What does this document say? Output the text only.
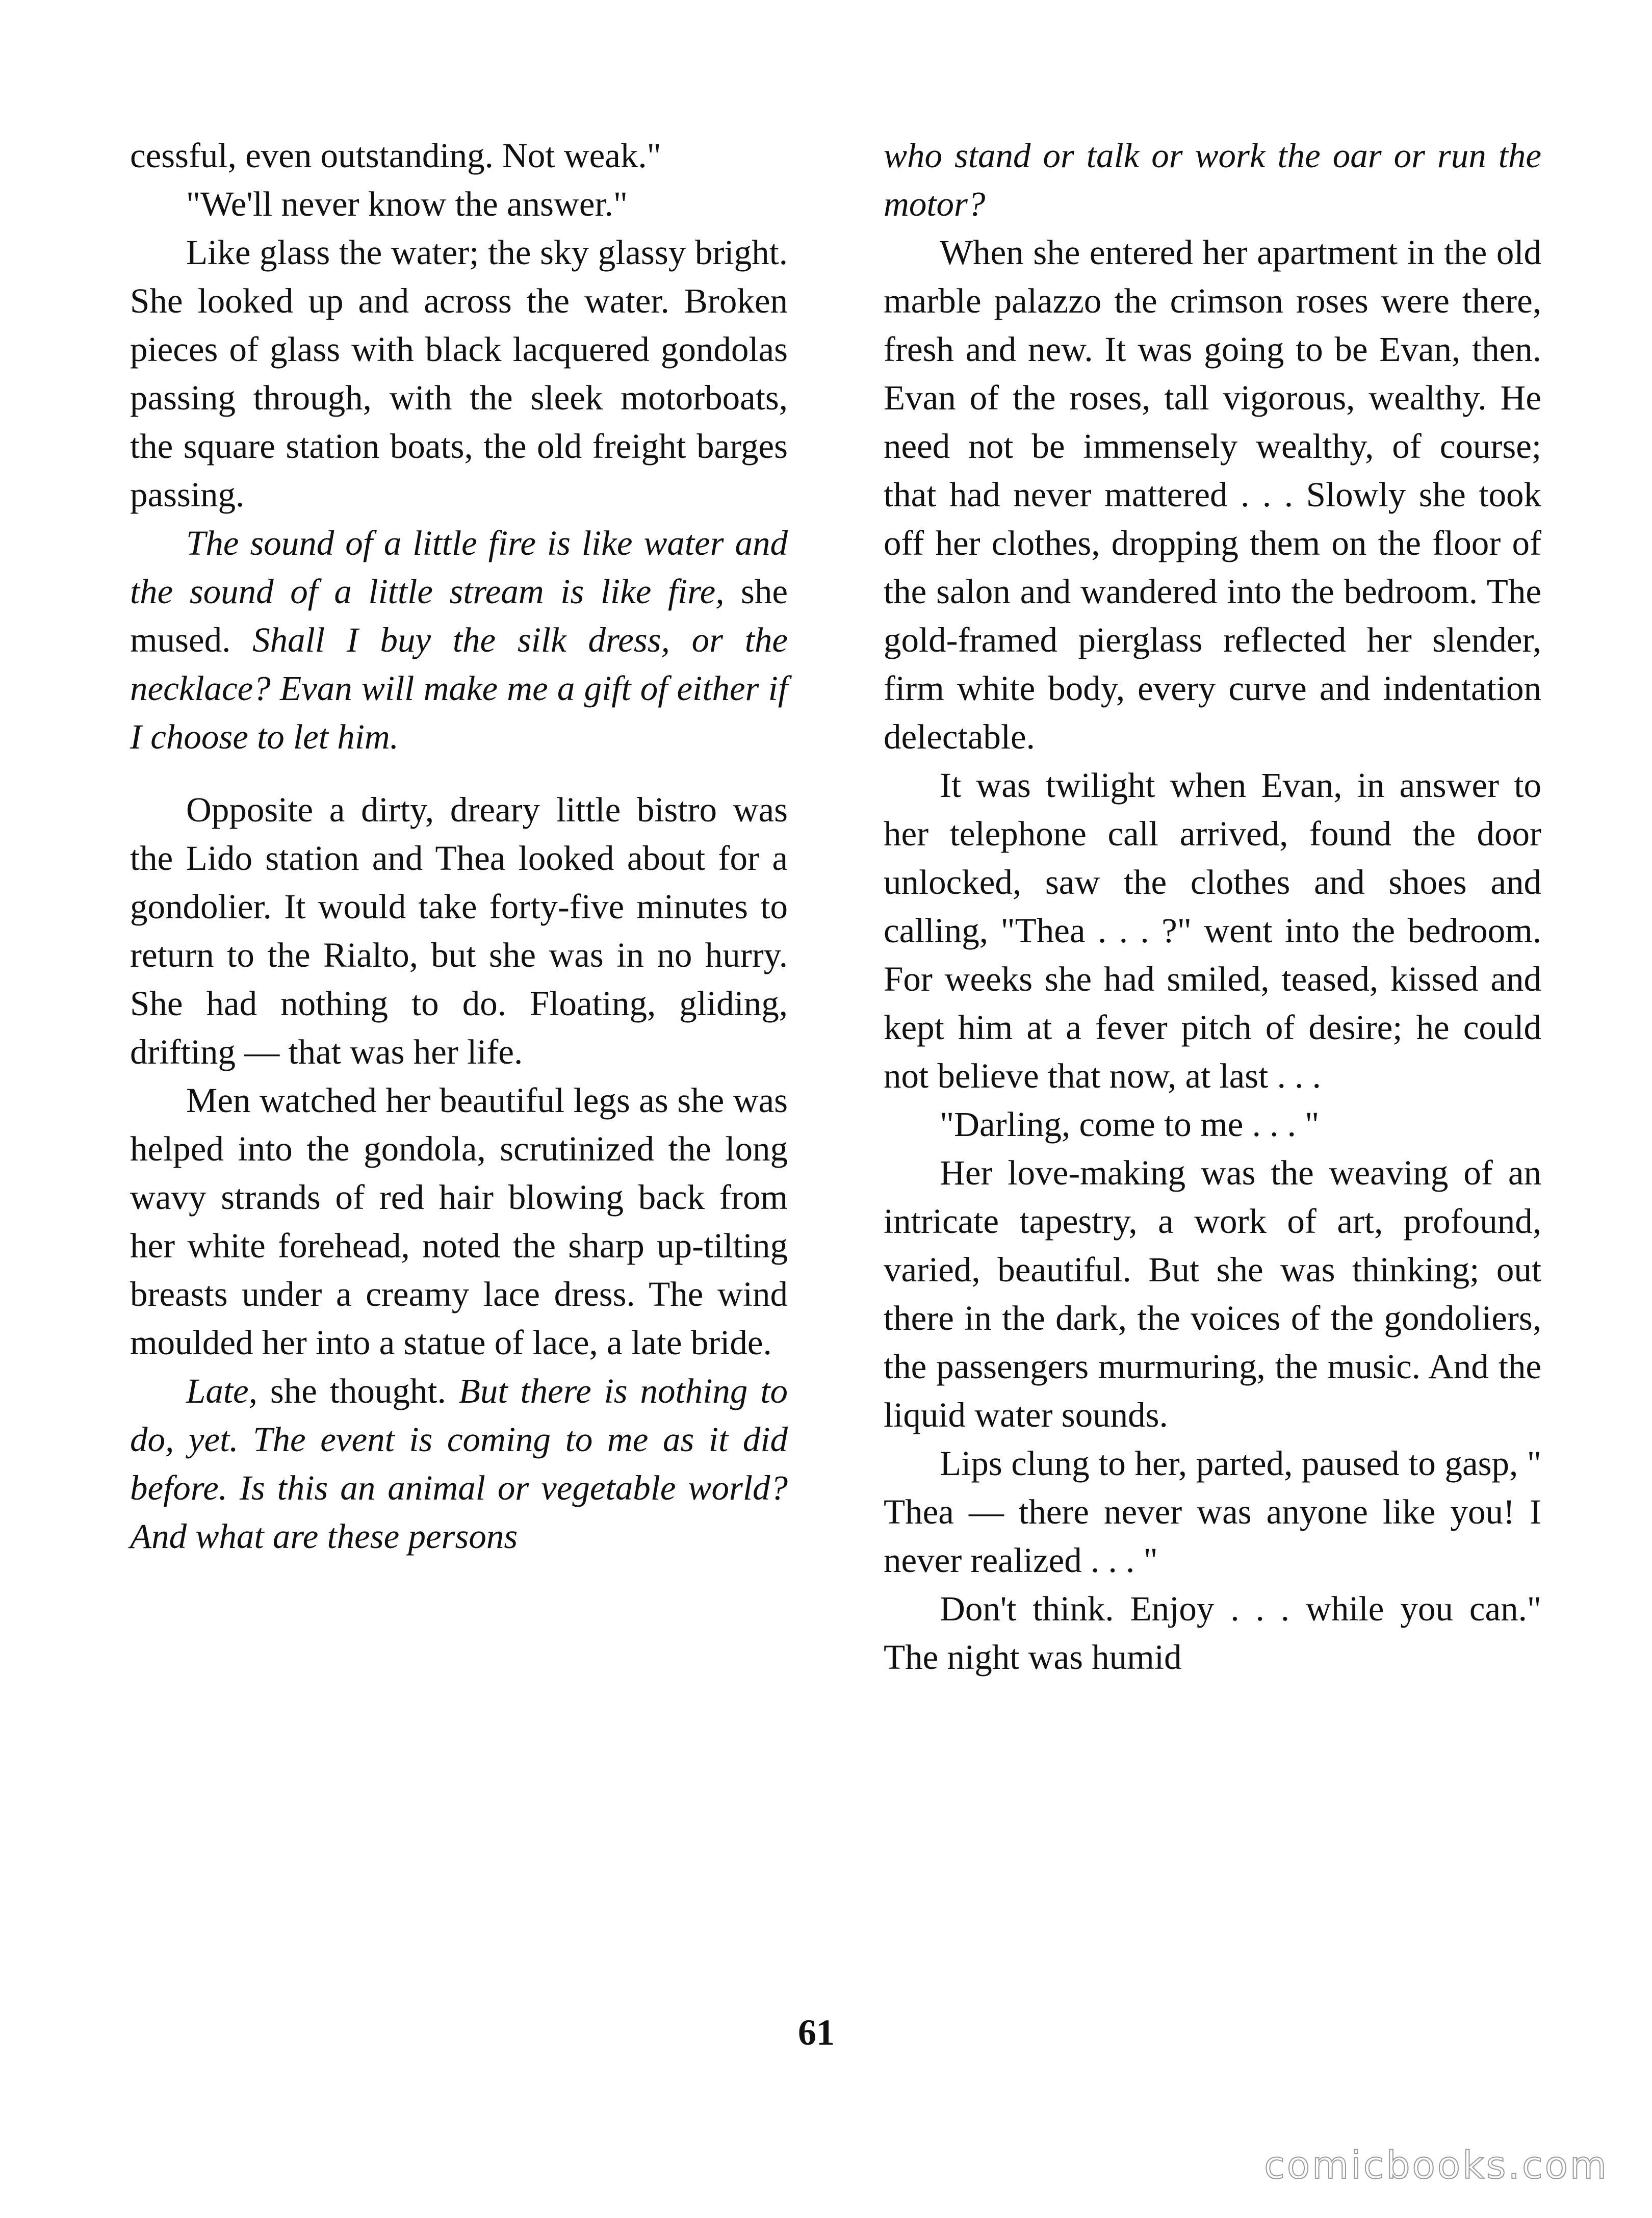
cessful, even outstanding. Not weak."

"We'll never know the answer."

Like glass the water; the sky glassy bright. She looked up and across the water. Broken pieces of glass with black lacquered gondolas passing through, with the sleek motorboats, the square station boats, the old freight barges passing.

The sound of a little fire is like water and the sound of a little stream is like fire, she mused. Shall I buy the silk dress, or the necklace? Evan will make me a gift of either if I choose to let him.

Opposite a dirty, dreary little bistro was the Lido station and Thea looked about for a gondolier. It would take forty-five minutes to return to the Rialto, but she was in no hurry. She had nothing to do. Floating, gliding, drifting — that was her life.

Men watched her beautiful legs as she was helped into the gondola, scrutinized the long wavy strands of red hair blowing back from her white forehead, noted the sharp up-tilting breasts under a creamy lace dress. The wind moulded her into a statue of lace, a late bride.

Late, she thought. But there is nothing to do, yet. The event is coming to me as it did before. Is this an animal or vegetable world? And what are these persons

who stand or talk or work the oar or run the motor?

When she entered her apartment in the old marble palazzo the crimson roses were there, fresh and new. It was going to be Evan, then. Evan of the roses, tall vigorous, wealthy. He need not be immensely wealthy, of course; that had never mattered . . . Slowly she took off her clothes, dropping them on the floor of the salon and wandered into the bedroom. The gold-framed pierglass reflected her slender, firm white body, every curve and indentation delectable.

It was twilight when Evan, in answer to her telephone call arrived, found the door unlocked, saw the clothes and shoes and calling, "Thea . . . ?" went into the bedroom. For weeks she had smiled, teased, kissed and kept him at a fever pitch of desire; he could not believe that now, at last . . .

"Darling, come to me . . . "

Her love-making was the weaving of an intricate tapestry, a work of art, profound, varied, beautiful. But she was thinking; out there in the dark, the voices of the gondoliers, the passengers murmuring, the music. And the liquid water sounds.

Lips clung to her, parted, paused to gasp, " Thea — there never was anyone like you! I never realized . . . "

Don't think. Enjoy . . . while you can." The night was humid

61
comicbooks.com
